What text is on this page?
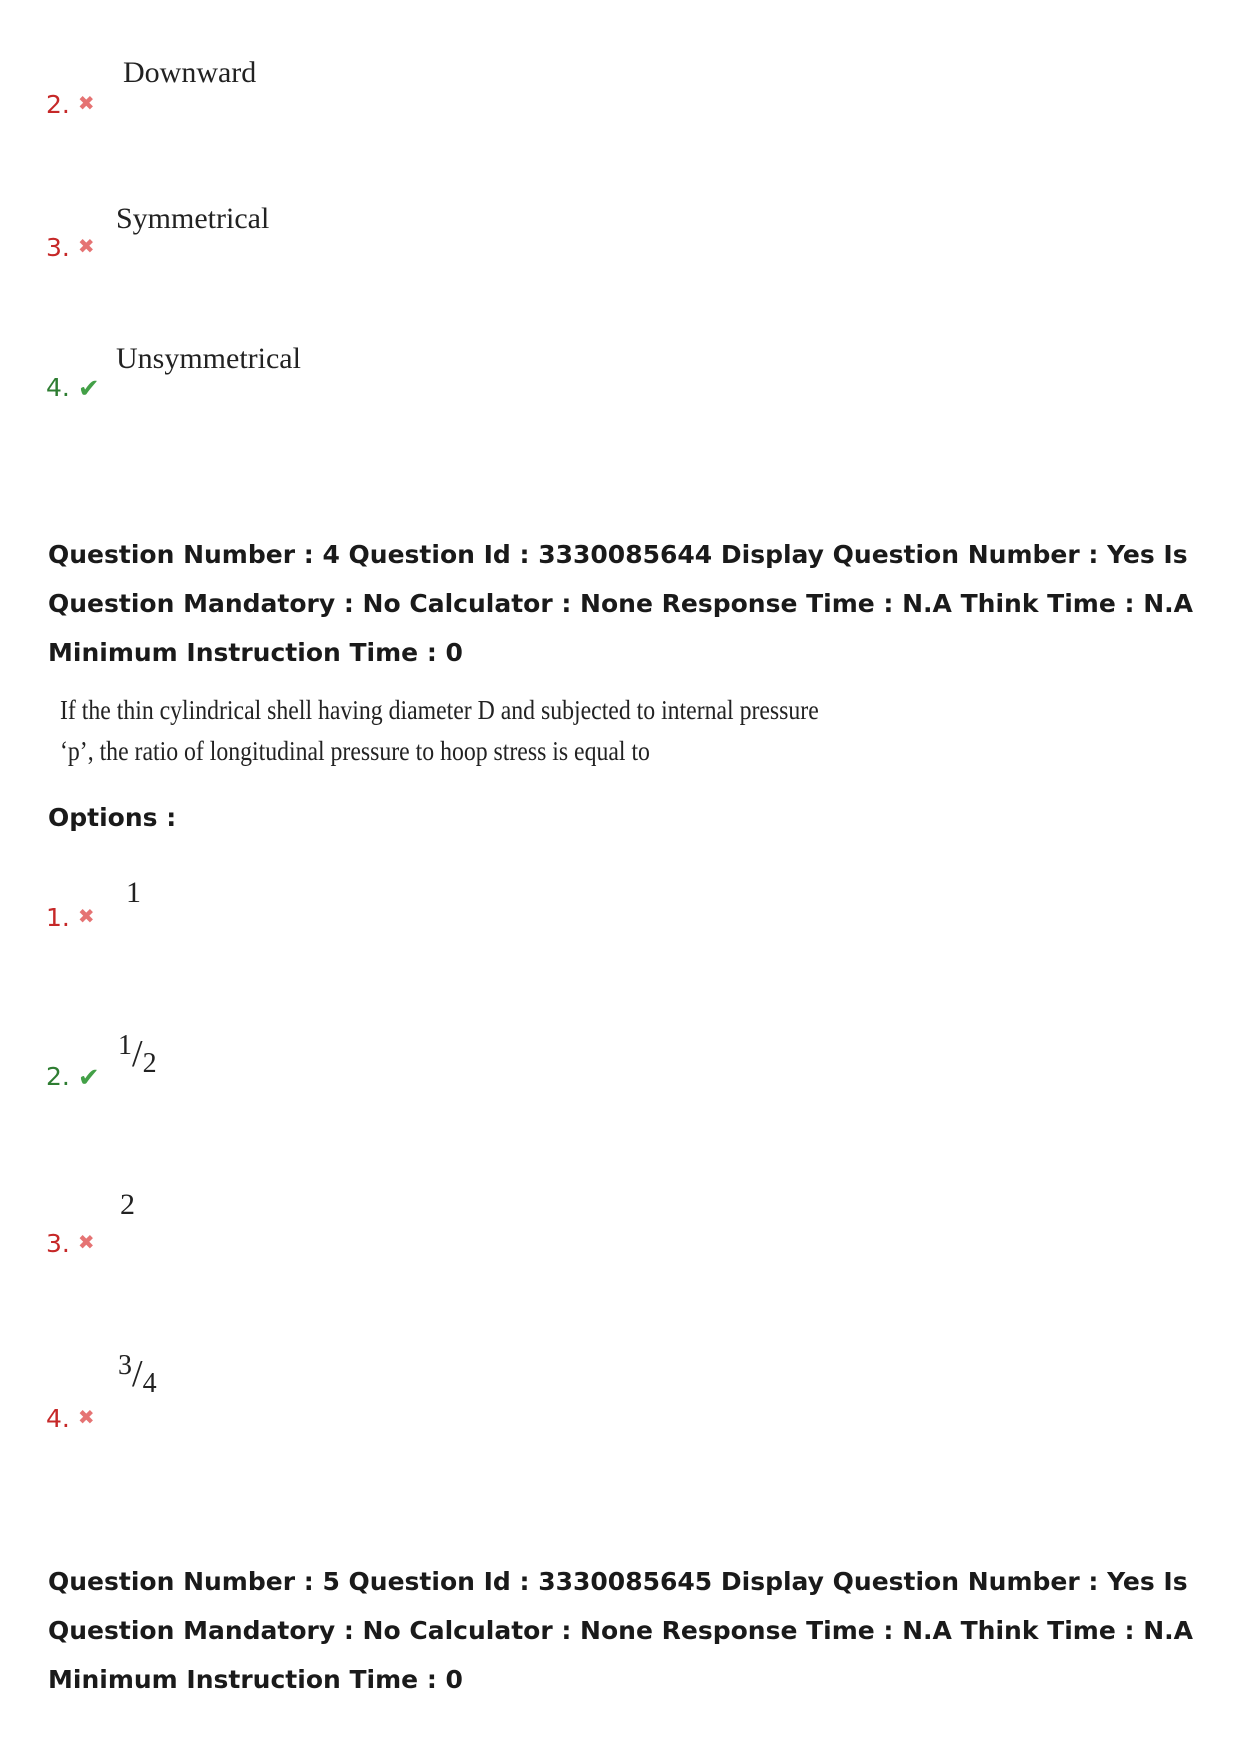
Downward
2. ✖
Symmetrical
3. ✖
Unsymmetrical
4. ✔
Question Number : 4 Question Id : 3330085644 Display Question Number : Yes Is Question Mandatory : No Calculator : None Response Time : N.A Think Time : N.A Minimum Instruction Time : 0
If the thin cylindrical shell having diameter D and subjected to internal pressure ‘p’, the ratio of longitudinal pressure to hoop stress is equal to
Options :
1
1. ✖
$^1$/2
2. ✔
2
3. ✖
$^3$/4
4. ✖
Question Number : 5 Question Id : 3330085645 Display Question Number : Yes Is Question Mandatory : No Calculator : None Response Time : N.A Think Time : N.A Minimum Instruction Time : 0
